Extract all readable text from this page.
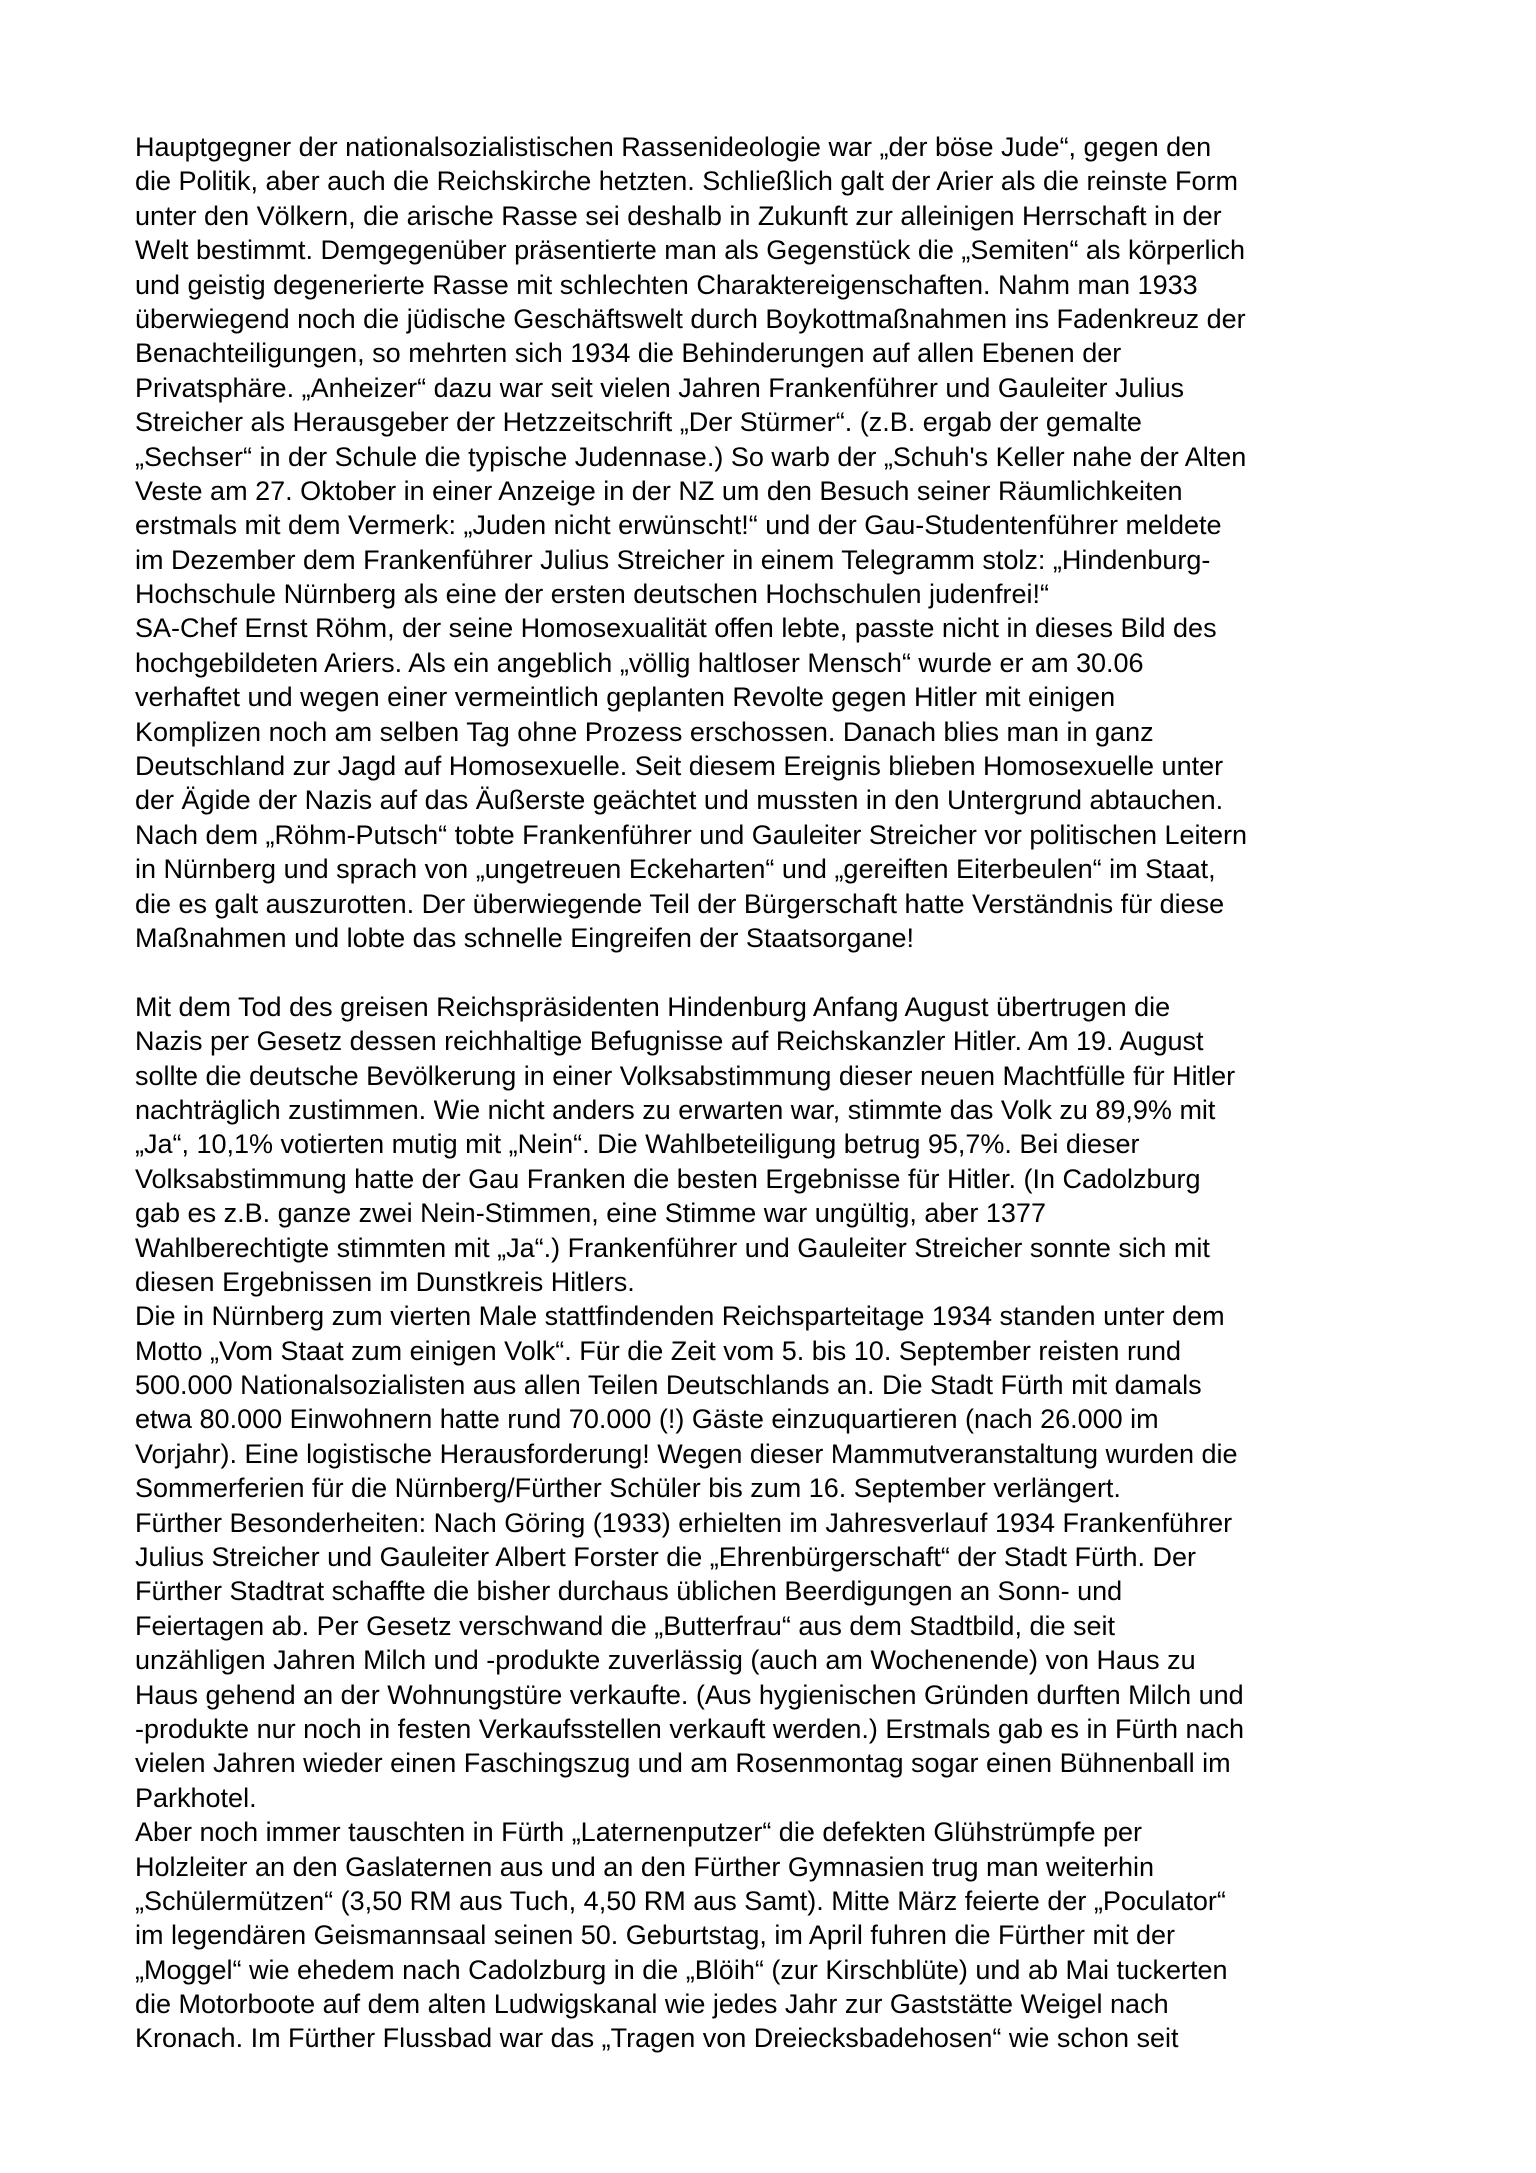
Hauptgegner der nationalsozialistischen Rassenideologie war „der böse Jude“, gegen den
die Politik, aber auch die Reichskirche hetzten. Schließlich galt der Arier als die reinste Form
unter den Völkern, die arische Rasse sei deshalb in Zukunft zur alleinigen Herrschaft in der
Welt bestimmt. Demgegenüber präsentierte man als Gegenstück die „Semiten“ als körperlich
und geistig degenerierte Rasse mit schlechten Charaktereigenschaften. Nahm man 1933
überwiegend noch die jüdische Geschäftswelt durch Boykottmaßnahmen ins Fadenkreuz der
Benachteiligungen, so mehrten sich 1934 die Behinderungen auf allen Ebenen der
Privatsphäre. „Anheizer“ dazu war seit vielen Jahren Frankenführer und Gauleiter Julius
Streicher als Herausgeber der Hetzzeitschrift „Der Stürmer“. (z.B. ergab der gemalte
„Sechser“ in der Schule die typische Judennase.) So warb der „Schuh's Keller nahe der Alten
Veste am 27. Oktober in einer Anzeige in der NZ um den Besuch seiner Räumlichkeiten
erstmals mit dem Vermerk: „Juden nicht erwünscht!“ und der Gau-Studentenführer meldete
im Dezember dem Frankenführer Julius Streicher in einem Telegramm stolz: „Hindenburg-
Hochschule Nürnberg als eine der ersten deutschen Hochschulen judenfrei!“
SA-Chef Ernst Röhm, der seine Homosexualität offen lebte, passte nicht in dieses Bild des
hochgebildeten Ariers. Als ein angeblich „völlig haltloser Mensch“ wurde er am 30.06
verhaftet und wegen einer vermeintlich geplanten Revolte gegen Hitler mit einigen
Komplizen noch am selben Tag ohne Prozess erschossen. Danach blies man in ganz
Deutschland zur Jagd auf Homosexuelle. Seit diesem Ereignis blieben Homosexuelle unter
der Ägide der Nazis auf das Äußerste geächtet und mussten in den Untergrund abtauchen.
Nach dem „Röhm-Putsch“ tobte Frankenführer und Gauleiter Streicher vor politischen Leitern
in Nürnberg und sprach von „ungetreuen Eckeharten“ und „gereiften Eiterbeulen“ im Staat,
die es galt auszurotten. Der überwiegende Teil der Bürgerschaft hatte Verständnis für diese
Maßnahmen und lobte das schnelle Eingreifen der Staatsorgane!

Mit dem Tod des greisen Reichspräsidenten Hindenburg Anfang August übertrugen die
Nazis per Gesetz dessen reichhaltige Befugnisse auf Reichskanzler Hitler. Am 19. August
sollte die deutsche Bevölkerung in einer Volksabstimmung dieser neuen Machtfülle für Hitler
nachträglich zustimmen. Wie nicht anders zu erwarten war, stimmte das Volk zu 89,9% mit
„Ja“, 10,1% votierten mutig mit „Nein“. Die Wahlbeteiligung betrug 95,7%. Bei dieser
Volksabstimmung hatte der Gau Franken die besten Ergebnisse für Hitler. (In Cadolzburg
gab es z.B. ganze zwei Nein-Stimmen, eine Stimme war ungültig, aber 1377
Wahlberechtigte stimmten mit „Ja“.) Frankenführer und Gauleiter Streicher sonnte sich mit
diesen Ergebnissen im Dunstkreis Hitlers.
Die in Nürnberg zum vierten Male stattfindenden Reichsparteitage 1934 standen unter dem
Motto „Vom Staat zum einigen Volk“. Für die Zeit vom 5. bis 10. September reisten rund
500.000 Nationalsozialisten aus allen Teilen Deutschlands an. Die Stadt Fürth mit damals
etwa 80.000 Einwohnern hatte rund 70.000 (!) Gäste einzuquartieren (nach 26.000 im
Vorjahr). Eine logistische Herausforderung! Wegen dieser Mammutveranstaltung wurden die
Sommerferien für die Nürnberg/Fürther Schüler bis zum 16. September verlängert.
Fürther Besonderheiten: Nach Göring (1933) erhielten im Jahresverlauf 1934 Frankenführer
Julius Streicher und Gauleiter Albert Forster die „Ehrenbürgerschaft“ der Stadt Fürth. Der
Fürther Stadtrat schaffte die bisher durchaus üblichen Beerdigungen an Sonn- und
Feiertagen ab. Per Gesetz verschwand die „Butterfrau“ aus dem Stadtbild, die seit
unzähligen Jahren Milch und -produkte zuverlässig (auch am Wochenende) von Haus zu
Haus gehend an der Wohnungstüre verkaufte. (Aus hygienischen Gründen durften Milch und
-produkte nur noch in festen Verkaufsstellen verkauft werden.) Erstmals gab es in Fürth nach
vielen Jahren wieder einen Faschingszug und am Rosenmontag sogar einen Bühnenball im
Parkhotel.
Aber noch immer tauschten in Fürth „Laternenputzer“ die defekten Glühstrümpfe per
Holzleiter an den Gaslaternen aus und an den Fürther Gymnasien trug man weiterhin
„Schülermützen“ (3,50 RM aus Tuch, 4,50 RM aus Samt). Mitte März feierte der „Poculator“
im legendären Geismannsaal seinen 50. Geburtstag, im April fuhren die Fürther mit der
„Moggel“ wie ehedem nach Cadolzburg in die „Blöih“ (zur Kirschblüte) und ab Mai tuckerten
die Motorboote auf dem alten Ludwigskanal wie jedes Jahr zur Gaststätte Weigel nach
Kronach. Im Fürther Flussbad war das „Tragen von Dreiecksbadehosen“ wie schon seit
